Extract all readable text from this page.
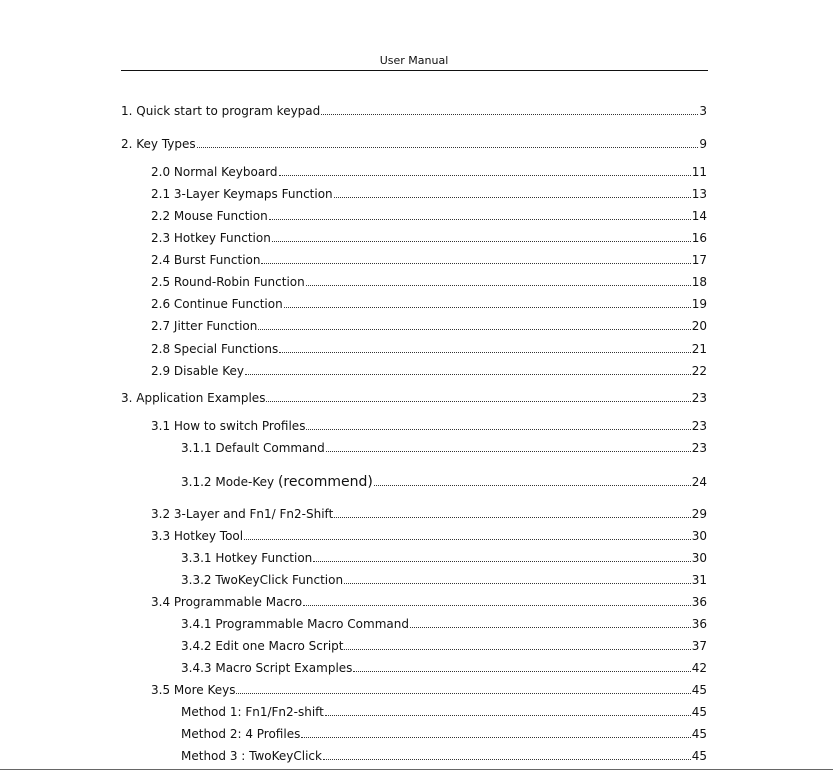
User Manual
1. Quick start to program keypad	3
2. Key Types	9
2.0 Normal Keyboard	11
2.1 3-Layer Keymaps Function	13
2.2 Mouse Function	14
2.3 Hotkey Function	16
2.4 Burst Function	17
2.5 Round-Robin Function	18
2.6 Continue Function	19
2.7 Jitter Function	20
2.8 Special Functions	21
2.9 Disable Key	22
3. Application Examples	23
3.1 How to switch Profiles	23
3.1.1 Default Command	23
3.1.2 Mode-Key (recommend)	24
3.2 3-Layer and Fn1/ Fn2-Shift	29
3.3 Hotkey Tool	30
3.3.1 Hotkey Function	30
3.3.2 TwoKeyClick Function	31
3.4 Programmable Macro	36
3.4.1 Programmable Macro Command	36
3.4.2 Edit one Macro Script	37
3.4.3 Macro Script Examples	42
3.5 More Keys	45
Method 1: Fn1/Fn2-shift	45
Method 2: 4 Profiles	45
Method 3 : TwoKeyClick	45
